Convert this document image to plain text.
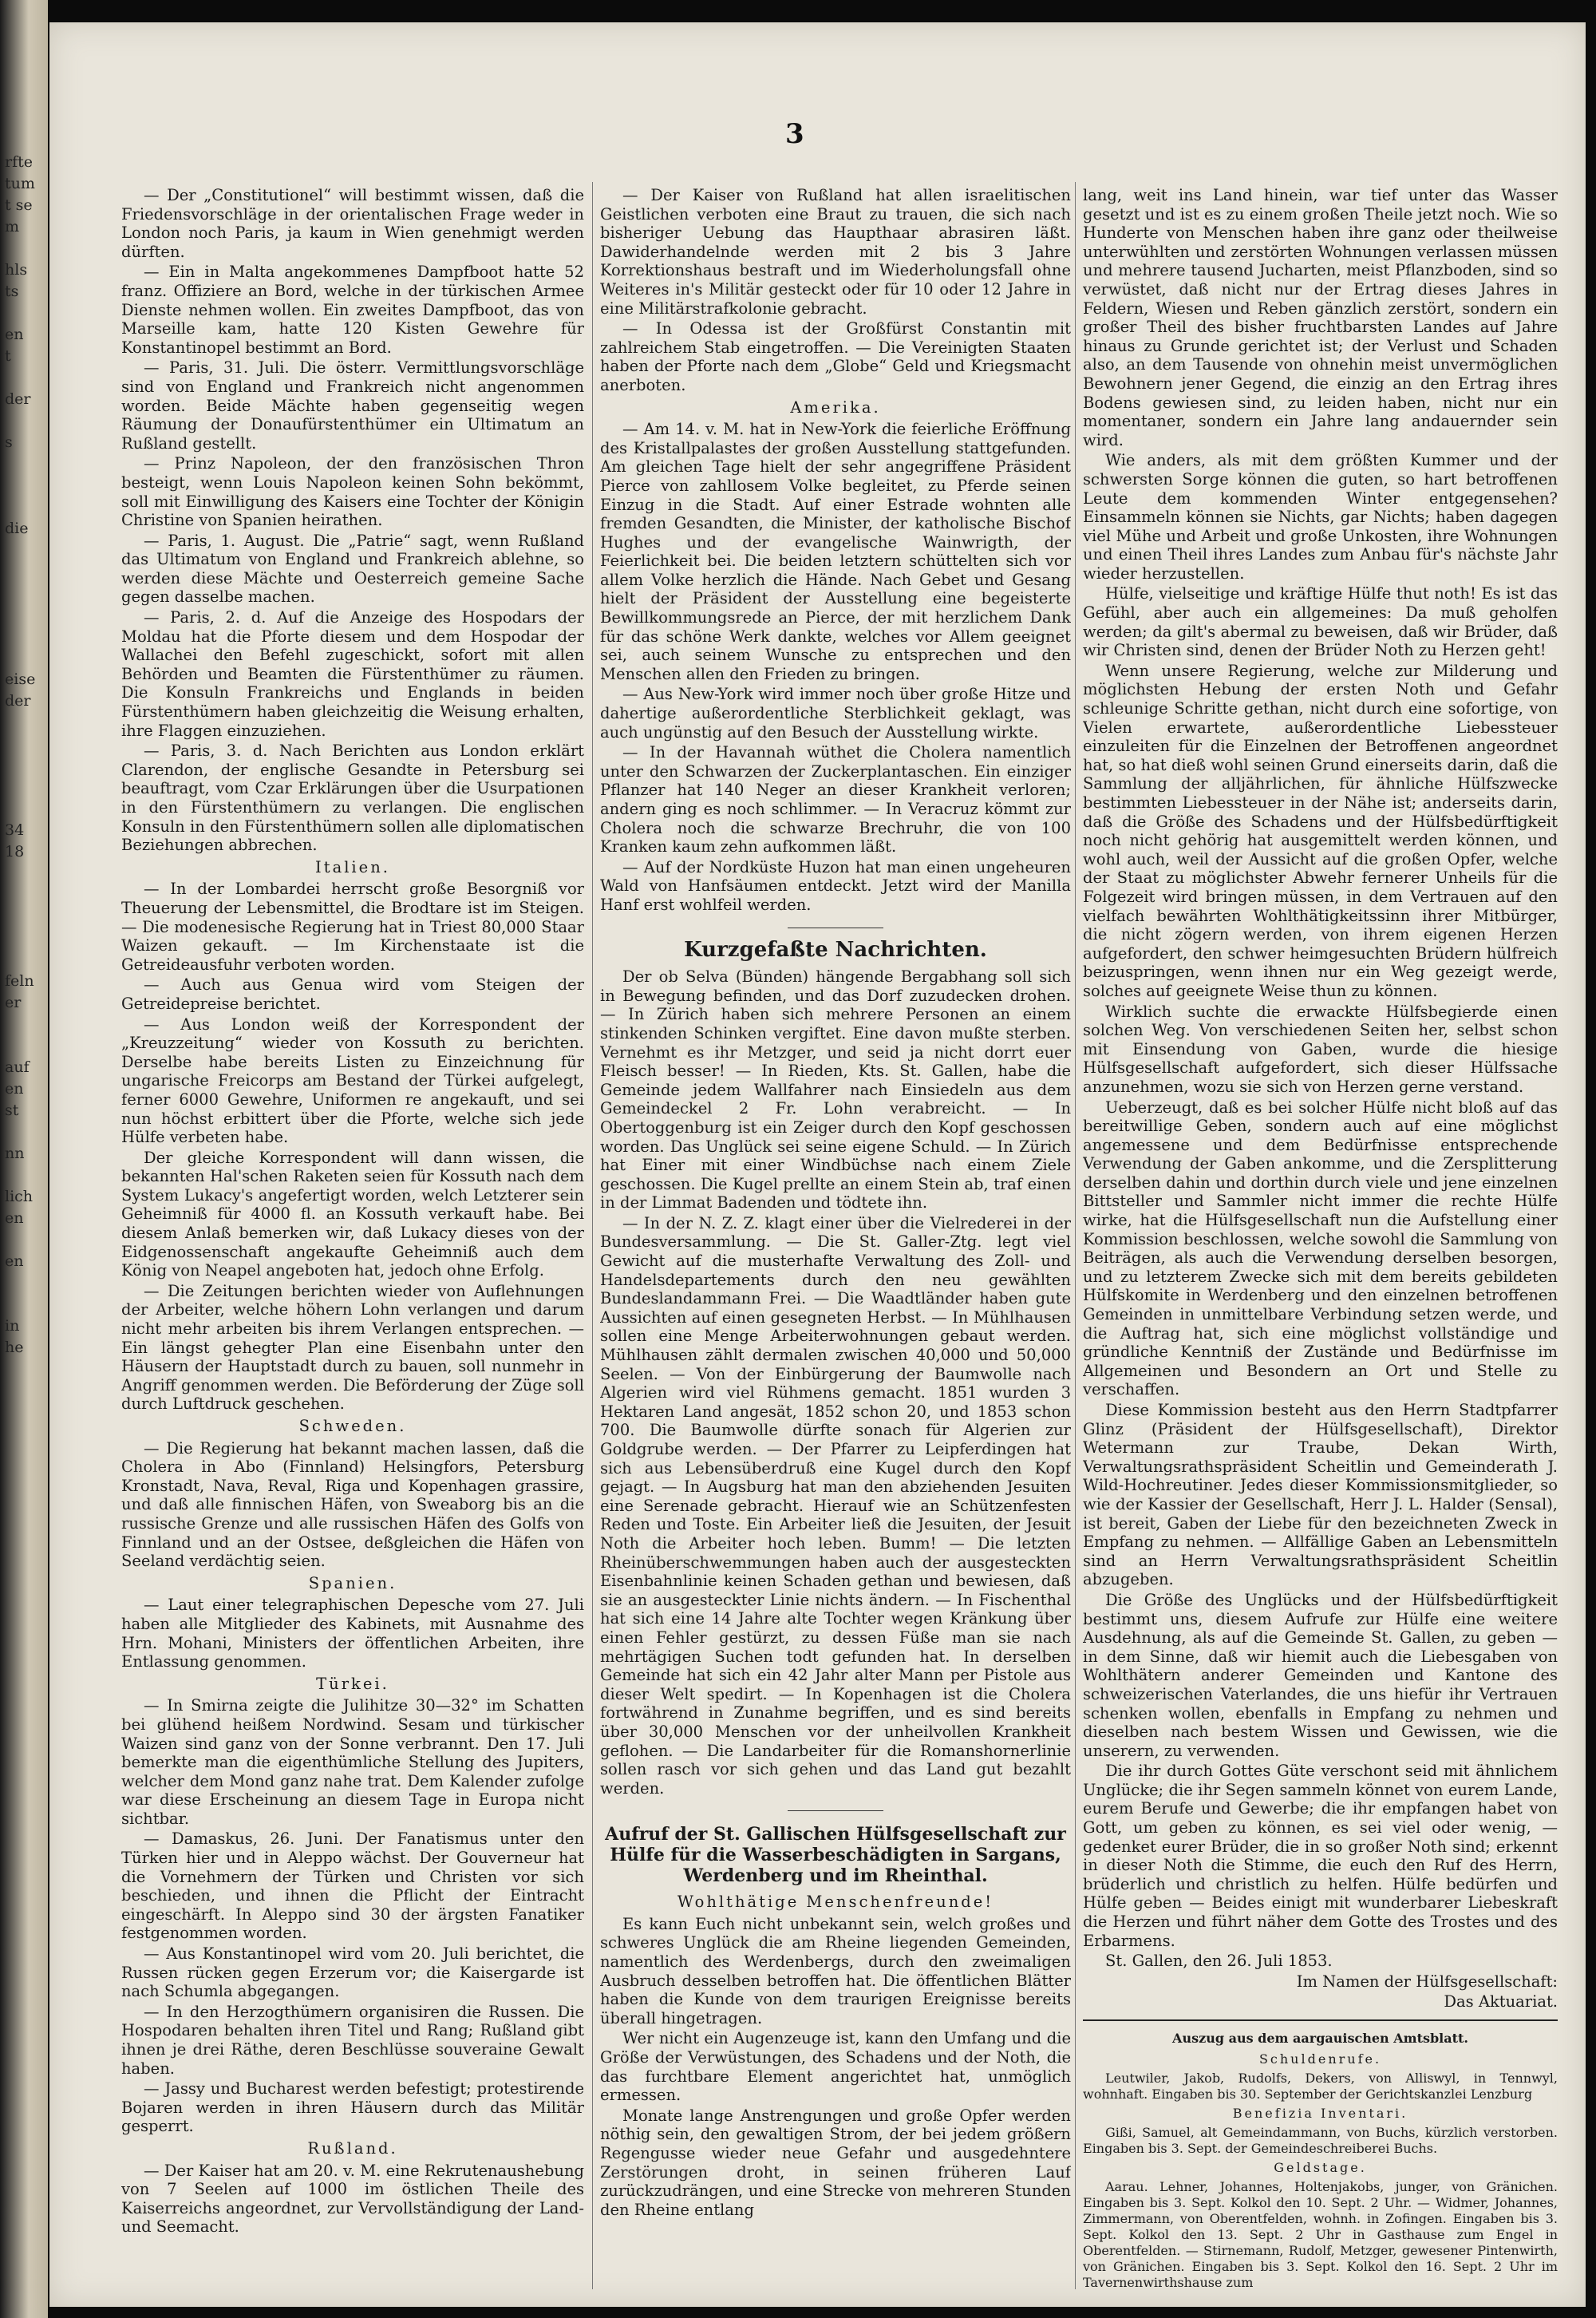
rfte
tum
t se
m

hls
ts

en
t

der

s

die

eise
der

34
18

feln
er

auf
en
st

nn

lich
en

en

in
he
3

— Der „Constitutionel“ will bestimmt wissen, daß die Friedensvorschläge in der orientalischen Frage weder in London noch Paris, ja kaum in Wien genehmigt werden dürften.

— Ein in Malta angekommenes Dampfboot hatte 52 franz. Offiziere an Bord, welche in der türkischen Armee Dienste nehmen wollen. Ein zweites Dampfboot, das von Marseille kam, hatte 120 Kisten Gewehre für Konstantinopel bestimmt an Bord.

— Paris, 31. Juli. Die österr. Vermittlungsvorschläge sind von England und Frankreich nicht angenommen worden. Beide Mächte haben gegenseitig wegen Räumung der Donaufürstenthümer ein Ultimatum an Rußland gestellt.

— Prinz Napoleon, der den französischen Thron besteigt, wenn Louis Napoleon keinen Sohn bekömmt, soll mit Einwilligung des Kaisers eine Tochter der Königin Christine von Spanien heirathen.

— Paris, 1. August. Die „Patrie“ sagt, wenn Rußland das Ultimatum von England und Frankreich ablehne, so werden diese Mächte und Oesterreich gemeine Sache gegen dasselbe machen.

— Paris, 2. d. Auf die Anzeige des Hospodars der Moldau hat die Pforte diesem und dem Hospodar der Wallachei den Befehl zugeschickt, sofort mit allen Behörden und Beamten die Fürstenthümer zu räumen. Die Konsuln Frankreichs und Englands in beiden Fürstenthümern haben gleichzeitig die Weisung erhalten, ihre Flaggen einzuziehen.

— Paris, 3. d. Nach Berichten aus London erklärt Clarendon, der englische Gesandte in Petersburg sei beauftragt, vom Czar Erklärungen über die Usurpationen in den Fürstenthümern zu verlangen. Die englischen Konsuln in den Fürstenthümern sollen alle diplomatischen Beziehungen abbrechen.

Italien.

— In der Lombardei herrscht große Besorgniß vor Theuerung der Lebensmittel, die Brodtare ist im Steigen. — Die modenesische Regierung hat in Triest 80,000 Staar Waizen gekauft. — Im Kirchenstaate ist die Getreideausfuhr verboten worden.

— Auch aus Genua wird vom Steigen der Getreidepreise berichtet.

— Aus London weiß der Korrespondent der „Kreuzzeitung“ wieder von Kossuth zu berichten. Derselbe habe bereits Listen zu Einzeichnung für ungarische Freicorps am Bestand der Türkei aufgelegt, ferner 6000 Gewehre, Uniformen re angekauft, und sei nun höchst erbittert über die Pforte, welche sich jede Hülfe verbeten habe.

Der gleiche Korrespondent will dann wissen, die bekannten Hal'schen Raketen seien für Kossuth nach dem System Lukacy's angefertigt worden, welch Letzterer sein Geheimniß für 4000 fl. an Kossuth verkauft habe. Bei diesem Anlaß bemerken wir, daß Lukacy dieses von der Eidgenossenschaft angekaufte Geheimniß auch dem König von Neapel angeboten hat, jedoch ohne Erfolg.

— Die Zeitungen berichten wieder von Auflehnungen der Arbeiter, welche höhern Lohn verlangen und darum nicht mehr arbeiten bis ihrem Verlangen entsprechen. — Ein längst gehegter Plan eine Eisenbahn unter den Häusern der Hauptstadt durch zu bauen, soll nunmehr in Angriff genommen werden. Die Beförderung der Züge soll durch Luftdruck geschehen.

Schweden.

— Die Regierung hat bekannt machen lassen, daß die Cholera in Abo (Finnland) Helsingfors, Petersburg Kronstadt, Nava, Reval, Riga und Kopenhagen grassire, und daß alle finnischen Häfen, von Sweaborg bis an die russische Grenze und alle russischen Häfen des Golfs von Finnland und an der Ostsee, deßgleichen die Häfen von Seeland verdächtig seien.

Spanien.

— Laut einer telegraphischen Depesche vom 27. Juli haben alle Mitglieder des Kabinets, mit Ausnahme des Hrn. Mohani, Ministers der öffentlichen Arbeiten, ihre Entlassung genommen.

Türkei.

— In Smirna zeigte die Julihitze 30—32° im Schatten bei glühend heißem Nordwind. Sesam und türkischer Waizen sind ganz von der Sonne verbrannt. Den 17. Juli bemerkte man die eigenthümliche Stellung des Jupiters, welcher dem Mond ganz nahe trat. Dem Kalender zufolge war diese Erscheinung an diesem Tage in Europa nicht sichtbar.

— Damaskus, 26. Juni. Der Fanatismus unter den Türken hier und in Aleppo wächst. Der Gouverneur hat die Vornehmern der Türken und Christen vor sich beschieden, und ihnen die Pflicht der Eintracht eingeschärft. In Aleppo sind 30 der ärgsten Fanatiker festgenommen worden.

— Aus Konstantinopel wird vom 20. Juli berichtet, die Russen rücken gegen Erzerum vor; die Kaisergarde ist nach Schumla abgegangen.

— In den Herzogthümern organisiren die Russen. Die Hospodaren behalten ihren Titel und Rang; Rußland gibt ihnen je drei Räthe, deren Beschlüsse souveraine Gewalt haben.

— Jassy und Bucharest werden befestigt; protestirende Bojaren werden in ihren Häusern durch das Militär gesperrt.

Rußland.

— Der Kaiser hat am 20. v. M. eine Rekrutenaushebung von 7 Seelen auf 1000 im östlichen Theile des Kaiserreichs angeordnet, zur Vervollständigung der Land- und Seemacht.

— Der Kaiser von Rußland hat allen israelitischen Geistlichen verboten eine Braut zu trauen, die sich nach bisheriger Uebung das Haupthaar abrasiren läßt. Dawiderhandelnde werden mit 2 bis 3 Jahre Korrektionshaus bestraft und im Wiederholungsfall ohne Weiteres in's Militär gesteckt oder für 10 oder 12 Jahre in eine Militärstrafkolonie gebracht.

— In Odessa ist der Großfürst Constantin mit zahlreichem Stab eingetroffen. — Die Vereinigten Staaten haben der Pforte nach dem „Globe“ Geld und Kriegsmacht anerboten.

Amerika.

— Am 14. v. M. hat in New-York die feierliche Eröffnung des Kristallpalastes der großen Ausstellung stattgefunden. Am gleichen Tage hielt der sehr angegriffene Präsident Pierce von zahllosem Volke begleitet, zu Pferde seinen Einzug in die Stadt. Auf einer Estrade wohnten alle fremden Gesandten, die Minister, der katholische Bischof Hughes und der evangelische Wainwrigth, der Feierlichkeit bei. Die beiden letztern schüttelten sich vor allem Volke herzlich die Hände. Nach Gebet und Gesang hielt der Präsident der Ausstellung eine begeisterte Bewillkommungsrede an Pierce, der mit herzlichem Dank für das schöne Werk dankte, welches vor Allem geeignet sei, auch seinem Wunsche zu entsprechen und den Menschen allen den Frieden zu bringen.

— Aus New-York wird immer noch über große Hitze und dahertige außerordentliche Sterblichkeit geklagt, was auch ungünstig auf den Besuch der Ausstellung wirkte.

— In der Havannah wüthet die Cholera namentlich unter den Schwarzen der Zuckerplantaschen. Ein einziger Pflanzer hat 140 Neger an dieser Krankheit verloren; andern ging es noch schlimmer. — In Veracruz kömmt zur Cholera noch die schwarze Brechruhr, die von 100 Kranken kaum zehn aufkommen läßt.

— Auf der Nordküste Huzon hat man einen ungeheuren Wald von Hanfsäumen entdeckt. Jetzt wird der Manilla Hanf erst wohlfeil werden.

Kurzgefaßte Nachrichten.

Der ob Selva (Bünden) hängende Bergabhang soll sich in Bewegung befinden, und das Dorf zuzudecken drohen. — In Zürich haben sich mehrere Personen an einem stinkenden Schinken vergiftet. Eine davon mußte sterben. Vernehmt es ihr Metzger, und seid ja nicht dorrt euer Fleisch besser! — In Rieden, Kts. St. Gallen, habe die Gemeinde jedem Wallfahrer nach Einsiedeln aus dem Gemeindeckel 2 Fr. Lohn verabreicht. — In Obertoggenburg ist ein Zeiger durch den Kopf geschossen worden. Das Unglück sei seine eigene Schuld. — In Zürich hat Einer mit einer Windbüchse nach einem Ziele geschossen. Die Kugel prellte an einem Stein ab, traf einen in der Limmat Badenden und tödtete ihn.

— In der N. Z. Z. klagt einer über die Vielrederei in der Bundesversammlung. — Die St. Galler-Ztg. legt viel Gewicht auf die musterhafte Verwaltung des Zoll- und Handelsdepartements durch den neu gewählten Bundeslandammann Frei. — Die Waadtländer haben gute Aussichten auf einen gesegneten Herbst. — In Mühlhausen sollen eine Menge Arbeiterwohnungen gebaut werden. Mühlhausen zählt dermalen zwischen 40,000 und 50,000 Seelen. — Von der Einbürgerung der Baumwolle nach Algerien wird viel Rühmens gemacht. 1851 wurden 3 Hektaren Land angesät, 1852 schon 20, und 1853 schon 700. Die Baumwolle dürfte sonach für Algerien zur Goldgrube werden. — Der Pfarrer zu Leipferdingen hat sich aus Lebensüberdruß eine Kugel durch den Kopf gejagt. — In Augsburg hat man den abziehenden Jesuiten eine Serenade gebracht. Hierauf wie an Schützenfesten Reden und Toste. Ein Arbeiter ließ die Jesuiten, der Jesuit Noth die Arbeiter hoch leben. Bumm! — Die letzten Rheinüberschwemmungen haben auch der ausgesteckten Eisenbahnlinie keinen Schaden gethan und bewiesen, daß sie an ausgesteckter Linie nichts ändern. — In Fischenthal hat sich eine 14 Jahre alte Tochter wegen Kränkung über einen Fehler gestürzt, zu dessen Füße man sie nach mehrtägigen Suchen todt gefunden hat. In derselben Gemeinde hat sich ein 42 Jahr alter Mann per Pistole aus dieser Welt spedirt. — In Kopenhagen ist die Cholera fortwährend in Zunahme begriffen, und es sind bereits über 30,000 Menschen vor der unheilvollen Krankheit geflohen. — Die Landarbeiter für die Romanshornerlinie sollen rasch vor sich gehen und das Land gut bezahlt werden.

Aufruf der St. Gallischen Hülfsgesellschaft zur Hülfe für die Wasserbeschädigten in Sargans, Werdenberg und im Rheinthal.

Wohlthätige Menschenfreunde!

Es kann Euch nicht unbekannt sein, welch großes und schweres Unglück die am Rheine liegenden Gemeinden, namentlich des Werdenbergs, durch den zweimaligen Ausbruch desselben betroffen hat. Die öffentlichen Blätter haben die Kunde von dem traurigen Ereignisse bereits überall hingetragen.

Wer nicht ein Augenzeuge ist, kann den Umfang und die Größe der Verwüstungen, des Schadens und der Noth, die das furchtbare Element angerichtet hat, unmöglich ermessen.

Monate lange Anstrengungen und große Opfer werden nöthig sein, den gewaltigen Strom, der bei jedem größern Regengusse wieder neue Gefahr und ausgedehntere Zerstörungen droht, in seinen früheren Lauf zurückzudrängen, und eine Strecke von mehreren Stunden den Rheine entlang

lang, weit ins Land hinein, war tief unter das Wasser gesetzt und ist es zu einem großen Theile jetzt noch. Wie so Hunderte von Menschen haben ihre ganz oder theilweise unterwühlten und zerstörten Wohnungen verlassen müssen und mehrere tausend Jucharten, meist Pflanzboden, sind so verwüstet, daß nicht nur der Ertrag dieses Jahres in Feldern, Wiesen und Reben gänzlich zerstört, sondern ein großer Theil des bisher fruchtbarsten Landes auf Jahre hinaus zu Grunde gerichtet ist; der Verlust und Schaden also, an dem Tausende von ohnehin meist unvermöglichen Bewohnern jener Gegend, die einzig an den Ertrag ihres Bodens gewiesen sind, zu leiden haben, nicht nur ein momentaner, sondern ein Jahre lang andauernder sein wird.

Wie anders, als mit dem größten Kummer und der schwersten Sorge können die guten, so hart betroffenen Leute dem kommenden Winter entgegensehen? Einsammeln können sie Nichts, gar Nichts; haben dagegen viel Mühe und Arbeit und große Unkosten, ihre Wohnungen und einen Theil ihres Landes zum Anbau für's nächste Jahr wieder herzustellen.

Hülfe, vielseitige und kräftige Hülfe thut noth! Es ist das Gefühl, aber auch ein allgemeines: Da muß geholfen werden; da gilt's abermal zu beweisen, daß wir Brüder, daß wir Christen sind, denen der Brüder Noth zu Herzen geht!

Wenn unsere Regierung, welche zur Milderung und möglichsten Hebung der ersten Noth und Gefahr schleunige Schritte gethan, nicht durch eine sofortige, von Vielen erwartete, außerordentliche Liebessteuer einzuleiten für die Einzelnen der Betroffenen angeordnet hat, so hat dieß wohl seinen Grund einerseits darin, daß die Sammlung der alljährlichen, für ähnliche Hülfszwecke bestimmten Liebessteuer in der Nähe ist; anderseits darin, daß die Größe des Schadens und der Hülfsbedürftigkeit noch nicht gehörig hat ausgemittelt werden können, und wohl auch, weil der Aussicht auf die großen Opfer, welche der Staat zu möglichster Abwehr fernerer Unheils für die Folgezeit wird bringen müssen, in dem Vertrauen auf den vielfach bewährten Wohlthätigkeitssinn ihrer Mitbürger, die nicht zögern werden, von ihrem eigenen Herzen aufgefordert, den schwer heimgesuchten Brüdern hülfreich beizuspringen, wenn ihnen nur ein Weg gezeigt werde, solches auf geeignete Weise thun zu können.

Wirklich suchte die erwackte Hülfsbegierde einen solchen Weg. Von verschiedenen Seiten her, selbst schon mit Einsendung von Gaben, wurde die hiesige Hülfsgesellschaft aufgefordert, sich dieser Hülfssache anzunehmen, wozu sie sich von Herzen gerne verstand.

Ueberzeugt, daß es bei solcher Hülfe nicht bloß auf das bereitwillige Geben, sondern auch auf eine möglichst angemessene und dem Bedürfnisse entsprechende Verwendung der Gaben ankomme, und die Zersplitterung derselben dahin und dorthin durch viele und jene einzelnen Bittsteller und Sammler nicht immer die rechte Hülfe wirke, hat die Hülfsgesellschaft nun die Aufstellung einer Kommission beschlossen, welche sowohl die Sammlung von Beiträgen, als auch die Verwendung derselben besorgen, und zu letzterem Zwecke sich mit dem bereits gebildeten Hülfskomite in Werdenberg und den einzelnen betroffenen Gemeinden in unmittelbare Verbindung setzen werde, und die Auftrag hat, sich eine möglichst vollständige und gründliche Kenntniß der Zustände und Bedürfnisse im Allgemeinen und Besondern an Ort und Stelle zu verschaffen.

Diese Kommission besteht aus den Herrn Stadtpfarrer Glinz (Präsident der Hülfsgesellschaft), Direktor Wetermann zur Traube, Dekan Wirth, Verwaltungsrathspräsident Scheitlin und Gemeinderath J. Wild-Hochreutiner. Jedes dieser Kommissionsmitglieder, so wie der Kassier der Gesellschaft, Herr J. L. Halder (Sensal), ist bereit, Gaben der Liebe für den bezeichneten Zweck in Empfang zu nehmen. — Allfällige Gaben an Lebensmitteln sind an Herrn Verwaltungsrathspräsident Scheitlin abzugeben.

Die Größe des Unglücks und der Hülfsbedürftigkeit bestimmt uns, diesem Aufrufe zur Hülfe eine weitere Ausdehnung, als auf die Gemeinde St. Gallen, zu geben — in dem Sinne, daß wir hiemit auch die Liebesgaben von Wohlthätern anderer Gemeinden und Kantone des schweizerischen Vaterlandes, die uns hiefür ihr Vertrauen schenken wollen, ebenfalls in Empfang zu nehmen und dieselben nach bestem Wissen und Gewissen, wie die unserern, zu verwenden.

Die ihr durch Gottes Güte verschont seid mit ähnlichem Unglücke; die ihr Segen sammeln könnet von eurem Lande, eurem Berufe und Gewerbe; die ihr empfangen habet von Gott, um geben zu können, es sei viel oder wenig, — gedenket eurer Brüder, die in so großer Noth sind; erkennt in dieser Noth die Stimme, die euch den Ruf des Herrn, brüderlich und christlich zu helfen. Hülfe bedürfen und Hülfe geben — Beides einigt mit wunderbarer Liebeskraft die Herzen und führt näher dem Gotte des Trostes und des Erbarmens.

St. Gallen, den 26. Juli 1853.

Im Namen der Hülfsgesellschaft:

Das Aktuariat.

Auszug aus dem aargauischen Amtsblatt.

Schuldenrufe.

Leutwiler, Jakob, Rudolfs, Dekers, von Alliswyl, in Tennwyl, wohnhaft. Eingaben bis 30. September der Gerichtskanzlei Lenzburg

Benefizia Inventari.

Gißi, Samuel, alt Gemeindammann, von Buchs, kürzlich verstorben. Eingaben bis 3. Sept. der Gemeindeschreiberei Buchs.

Geldstage.

Aarau. Lehner, Johannes, Holtenjakobs, junger, von Gränichen. Eingaben bis 3. Sept. Kolkol den 10. Sept. 2 Uhr. — Widmer, Johannes, Zimmermann, von Oberentfelden, wohnh. in Zofingen. Eingaben bis 3. Sept. Kolkol den 13. Sept. 2 Uhr in Gasthause zum Engel in Oberentfelden. — Stirnemann, Rudolf, Metzger, gewesener Pintenwirth, von Gränichen. Eingaben bis 3. Sept. Kolkol den 16. Sept. 2 Uhr im Tavernenwirthshause zum
